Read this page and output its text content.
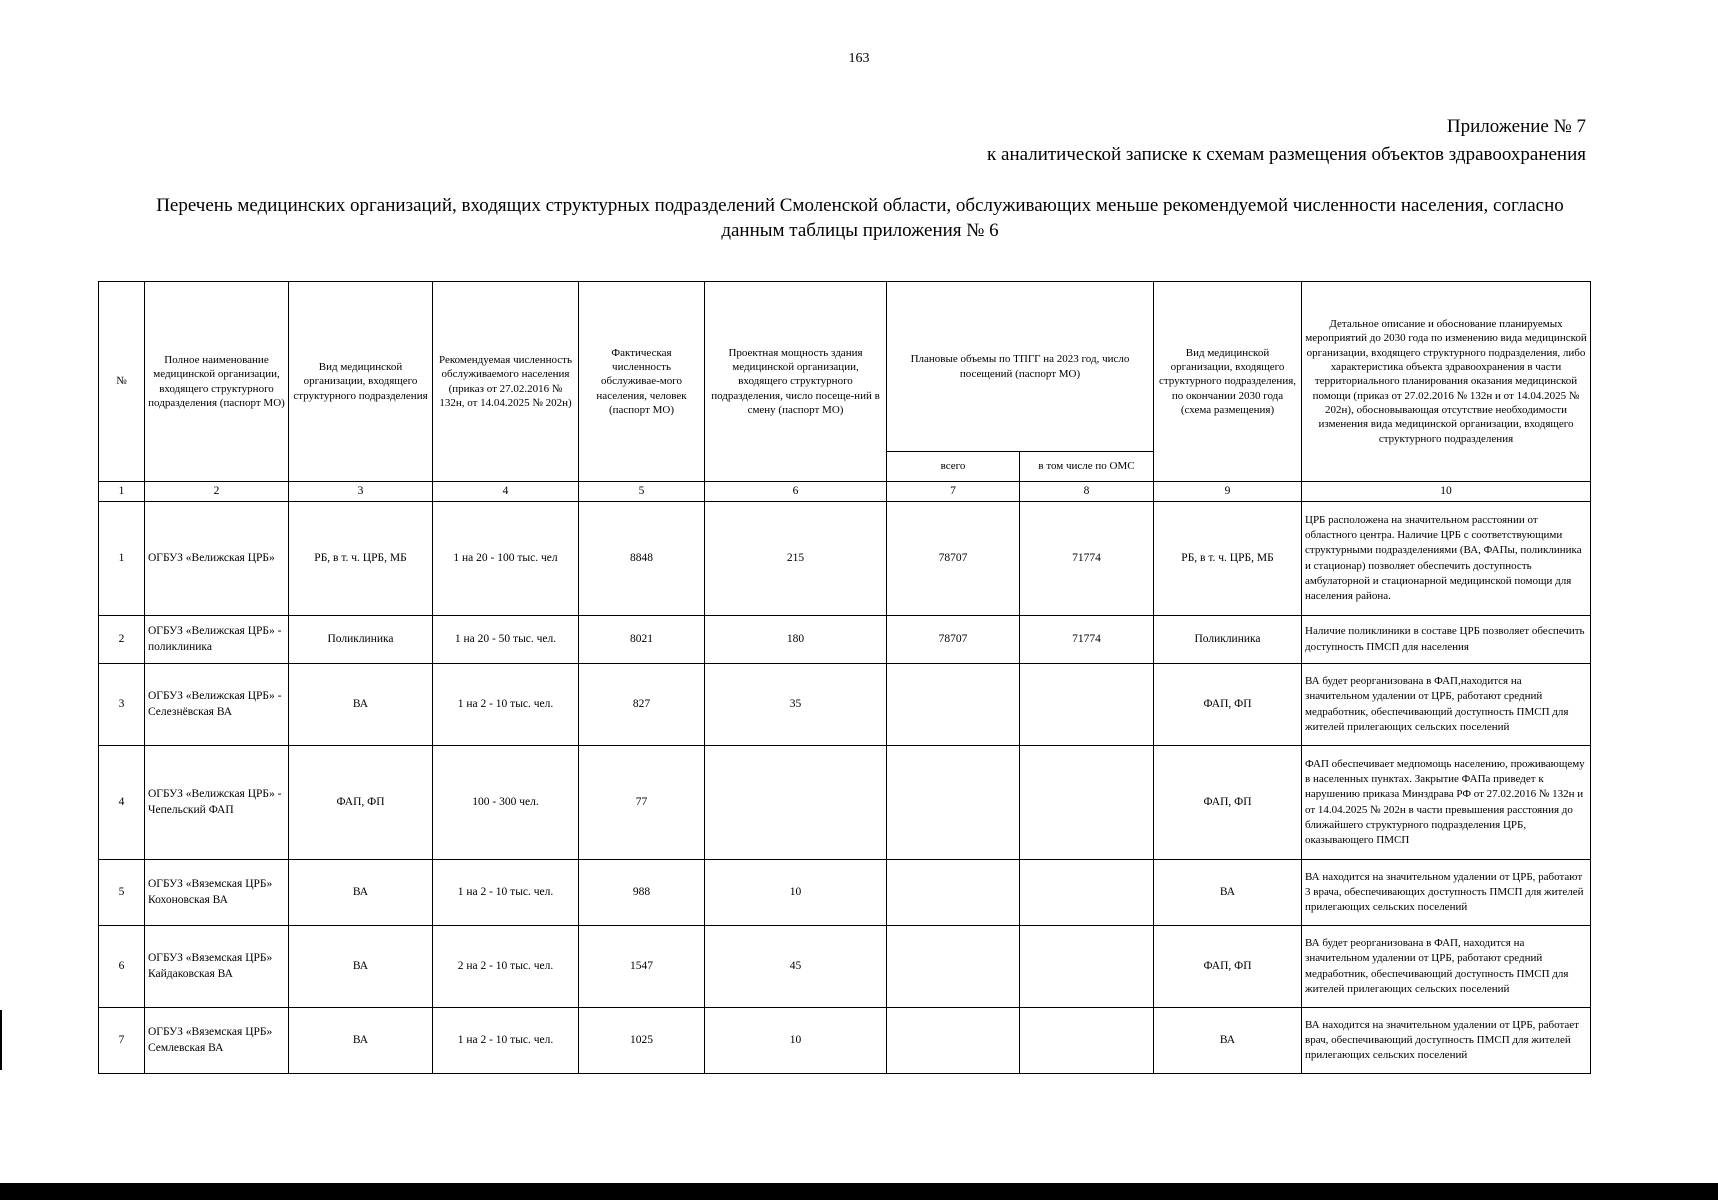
163
Приложение № 7
к аналитической записке к схемам размещения объектов здравоохранения
Перечень медицинских организаций, входящих структурных подразделений Смоленской области, обслуживающих меньше рекомендуемой численности населения, согласно
данным таблицы приложения № 6
№	Полное наименование медицинской организации, входящего структурного подразделения (паспорт МО)	Вид медицинской организации, входящего структурного подразделения	Рекомендуемая численность обслуживаемого населения (приказ от 27.02.2016 № 132н, от 14.04.2025 № 202н)	Фактическая численность обслуживае-мого населения, человек (паспорт МО)	Проектная мощность здания медицинской организации, входящего структурного подразделения, число посеще-ний в смену (паспорт МО)	Плановые объемы по ТПГГ на 2023 год, число посещений (паспорт МО)		Вид медицинской организации, входящего структурного подразделения, по окончании 2030 года (схема размещения)	Детальное описание и обоснование планируемых мероприятий до 2030 года по изменению вида медицинской организации, входящего структурного подразделения, либо характеристика объекта здравоохранения в части территориального планирования оказания медицинской помощи (приказ от 27.02.2016 № 132н и от 14.04.2025 № 202н), обосновывающая отсутствие необходимости изменения вида медицинской организации, входящего структурного подразделения
						всего	в том числе по ОМС		
1	2	3	4	5	6	7	8	9	10
1	ОГБУЗ «Велижская ЦРБ»	РБ, в т. ч. ЦРБ, МБ	1 на 20 - 100 тыс. чел	8848	215	78707	71774	РБ, в т. ч. ЦРБ, МБ	ЦРБ расположена на значительном расстоянии от областного центра. Наличие ЦРБ с соответствующими структурными подразделениями (ВА, ФАПы, поликлиника и стационар) позволяет обеспечить доступность амбулаторной и стационарной медицинской помощи для населения района.
2	ОГБУЗ «Велижская ЦРБ» - поликлиника	Поликлиника	1 на 20 - 50 тыс. чел.	8021	180	78707	71774	Поликлиника	Наличие поликлиники в составе ЦРБ позволяет обеспечить доступность ПМСП для населения
3	ОГБУЗ «Велижская ЦРБ» - Селезнёвская ВА	ВА	1 на 2 - 10 тыс. чел.	827	35			ФАП, ФП	ВА будет реорганизована в ФАП,находится на значительном удалении от ЦРБ, работают средний медработник, обеспечивающий доступность ПМСП для жителей прилегающих сельских поселений
4	ОГБУЗ «Велижская ЦРБ» - Чепельский ФАП	ФАП, ФП	100 - 300 чел.	77				ФАП, ФП	ФАП обеспечивает медпомощь населению, проживающему в населенных пунктах. Закрытие ФАПа приведет к нарушению приказа Минздрава РФ от 27.02.2016 № 132н и от 14.04.2025 № 202н в части превышения расстояния до ближайшего структурного подразделения ЦРБ, оказывающего ПМСП
5	ОГБУЗ «Вяземская ЦРБ» Кохоновская ВА	ВА	1 на 2 - 10 тыс. чел.	988	10			ВА	ВА находится на значительном удалении от ЦРБ, работают 3 врача, обеспечивающих доступность ПМСП для жителей прилегающих сельских поселений
6	ОГБУЗ «Вяземская ЦРБ» Кайдаковская ВА	ВА	2 на 2 - 10 тыс. чел.	1547	45			ФАП, ФП	ВА будет реорганизована в ФАП, находится на значительном удалении от ЦРБ, работают средний медработник, обеспечивающий доступность ПМСП для жителей прилегающих сельских поселений
7	ОГБУЗ «Вяземская ЦРБ» Семлевская ВА	ВА	1 на 2 - 10 тыс. чел.	1025	10			ВА	ВА находится на значительном удалении от ЦРБ, работает врач, обеспечивающий доступность ПМСП для жителей прилегающих сельских поселений
